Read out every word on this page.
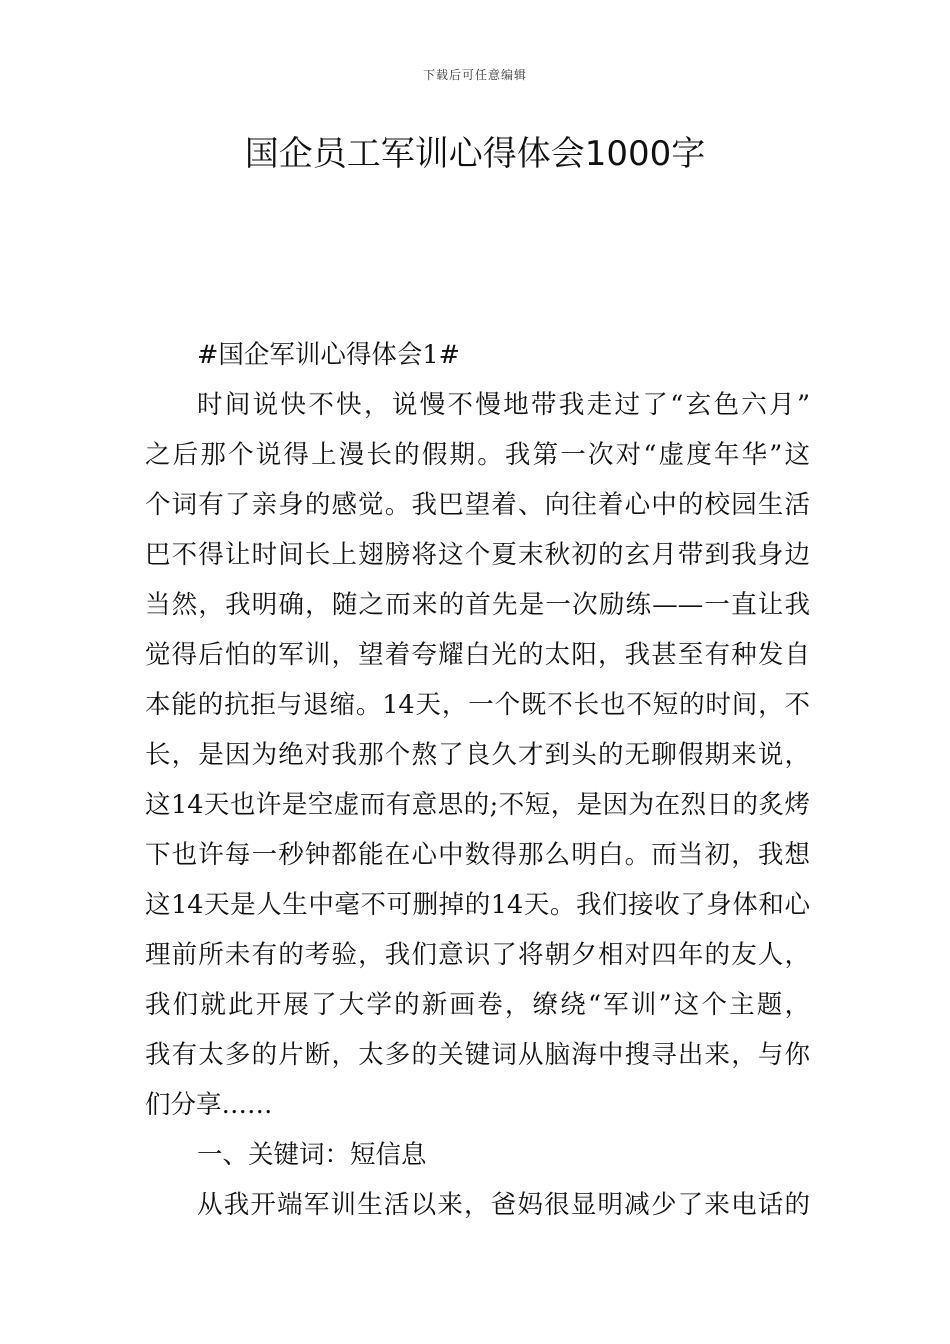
下载后可任意编辑
国企员工军训心得体会1000字
#国企军训心得体会1#
时间说快不快，说慢不慢地带我走过了“玄色六月”
之后那个说得上漫长的假期。我第一次对“虚度年华”这
个词有了亲身的感觉。我巴望着、向往着心中的校园生活
巴不得让时间长上翅膀将这个夏末秋初的玄月带到我身边
当然，我明确，随之而来的首先是一次励练——一直让我
觉得后怕的军训，望着夸耀白光的太阳，我甚至有种发自
本能的抗拒与退缩。14天，一个既不长也不短的时间，不
长，是因为绝对我那个熬了良久才到头的无聊假期来说，
这14天也许是空虚而有意思的;不短，是因为在烈日的炙烤
下也许每一秒钟都能在心中数得那么明白。而当初，我想
这14天是人生中毫不可删掉的14天。我们接收了身体和心
理前所未有的考验，我们意识了将朝夕相对四年的友人，
我们就此开展了大学的新画卷，缭绕“军训”这个主题，
我有太多的片断，太多的关键词从脑海中搜寻出来，与你
们分享……
一、关键词：短信息
从我开端军训生活以来，爸妈很显明减少了来电话的
